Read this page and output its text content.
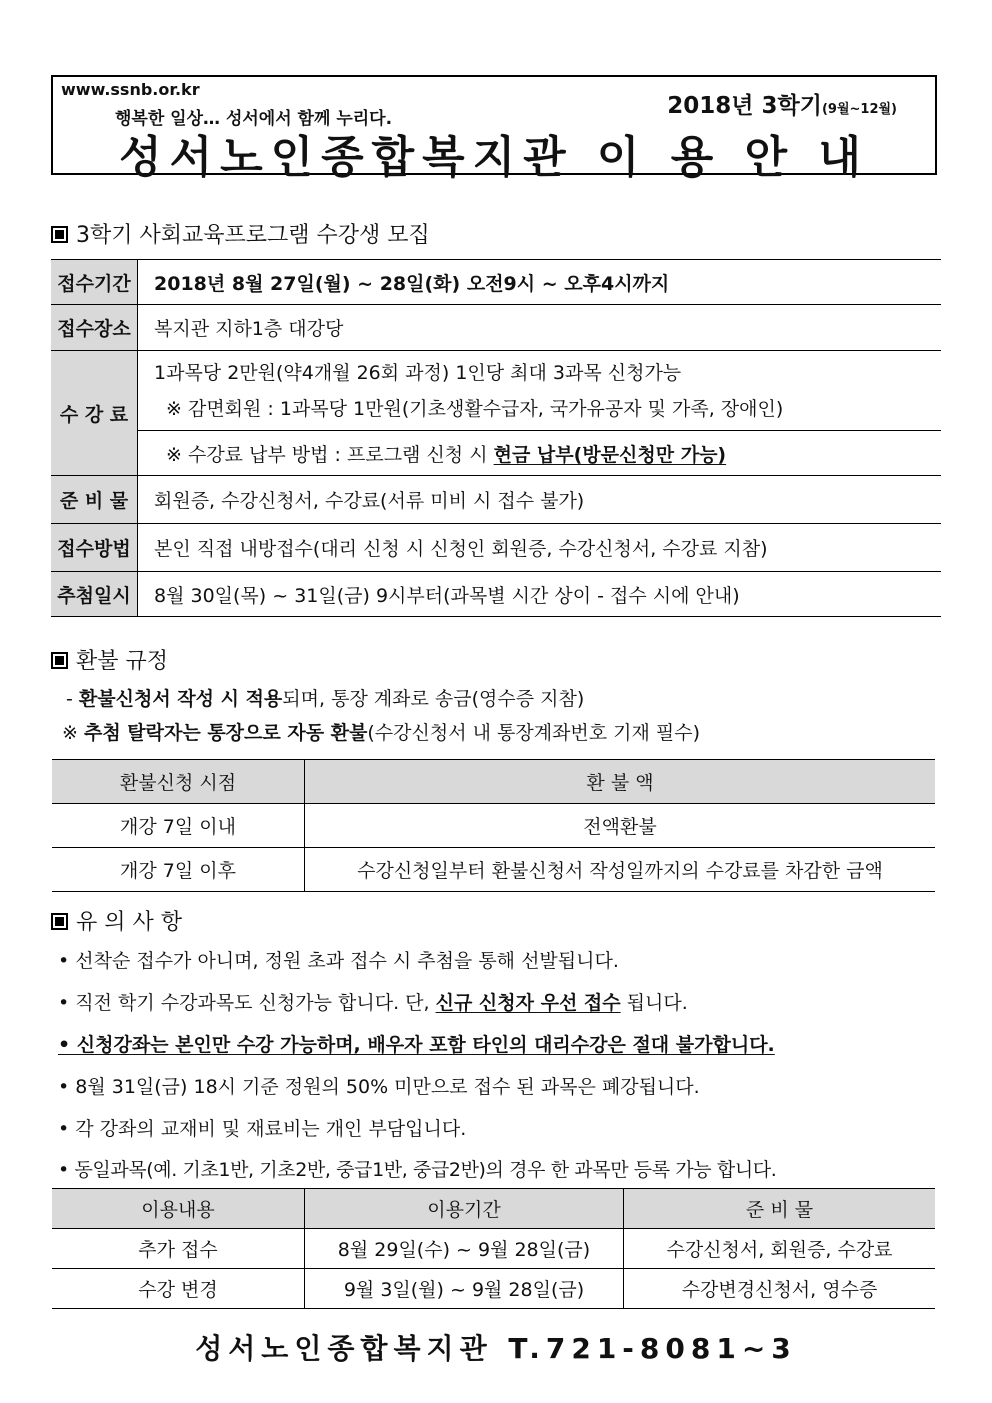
www.ssnb.or.kr
행복한 일상… 성서에서 함께 누리다.	2018년 3학기(9월~12월)
성서노인종합복지관 이 용 안 내
3학기 사회교육프로그램 수강생 모집
접수기간	2018년 8월 27일(월) ~ 28일(화) 오전9시 ~ 오후4시까지
접수장소	복지관 지하1층 대강당
수 강 료	1과목당 2만원(약4개월 26회 과정) 1인당 최대 3과목 신청가능
※ 감면회원 : 1과목당 1만원(기초생활수급자, 국가유공자 및 가족, 장애인)

	※ 수강료 납부 방법 : 프로그램 신청 시 현금 납부(방문신청만 가능)
준 비 물	회원증, 수강신청서, 수강료(서류 미비 시 접수 불가)
접수방법	본인 직접 내방접수(대리 신청 시 신청인 회원증, 수강신청서, 수강료 지참)
추첨일시	8월 30일(목) ~ 31일(금) 9시부터(과목별 시간 상이 - 접수 시에 안내)
환불 규정
- 환불신청서 작성 시 적용되며, 통장 계좌로 송금(영수증 지참)
※ 추첨 탈락자는 통장으로 자동 환불(수강신청서 내 통장계좌번호 기재 필수)
환불신청 시점	환 불 액
개강 7일 이내	전액환불
개강 7일 이후	수강신청일부터 환불신청서 작성일까지의 수강료를 차감한 금액
유 의 사 항
• 선착순 접수가 아니며, 정원 초과 접수 시 추첨을 통해 선발됩니다.
• 직전 학기 수강과목도 신청가능 합니다. 단, 신규 신청자 우선 접수 됩니다.
• 신청강좌는 본인만 수강 가능하며, 배우자 포함 타인의 대리수강은 절대 불가합니다.
• 8월 31일(금) 18시 기준 정원의 50% 미만으로 접수 된 과목은 폐강됩니다.
• 각 강좌의 교재비 및 재료비는 개인 부담입니다.
• 동일과목(예. 기초1반, 기초2반, 중급1반, 중급2반)의 경우 한 과목만 등록 가능 합니다.
이용내용	이용기간	준 비 물
추가 접수	8월 29일(수) ~ 9월 28일(금)	수강신청서, 회원증, 수강료
수강 변경	9월 3일(월) ~ 9월 28일(금)	수강변경신청서, 영수증
성서노인종합복지관 T.721-8081~3
